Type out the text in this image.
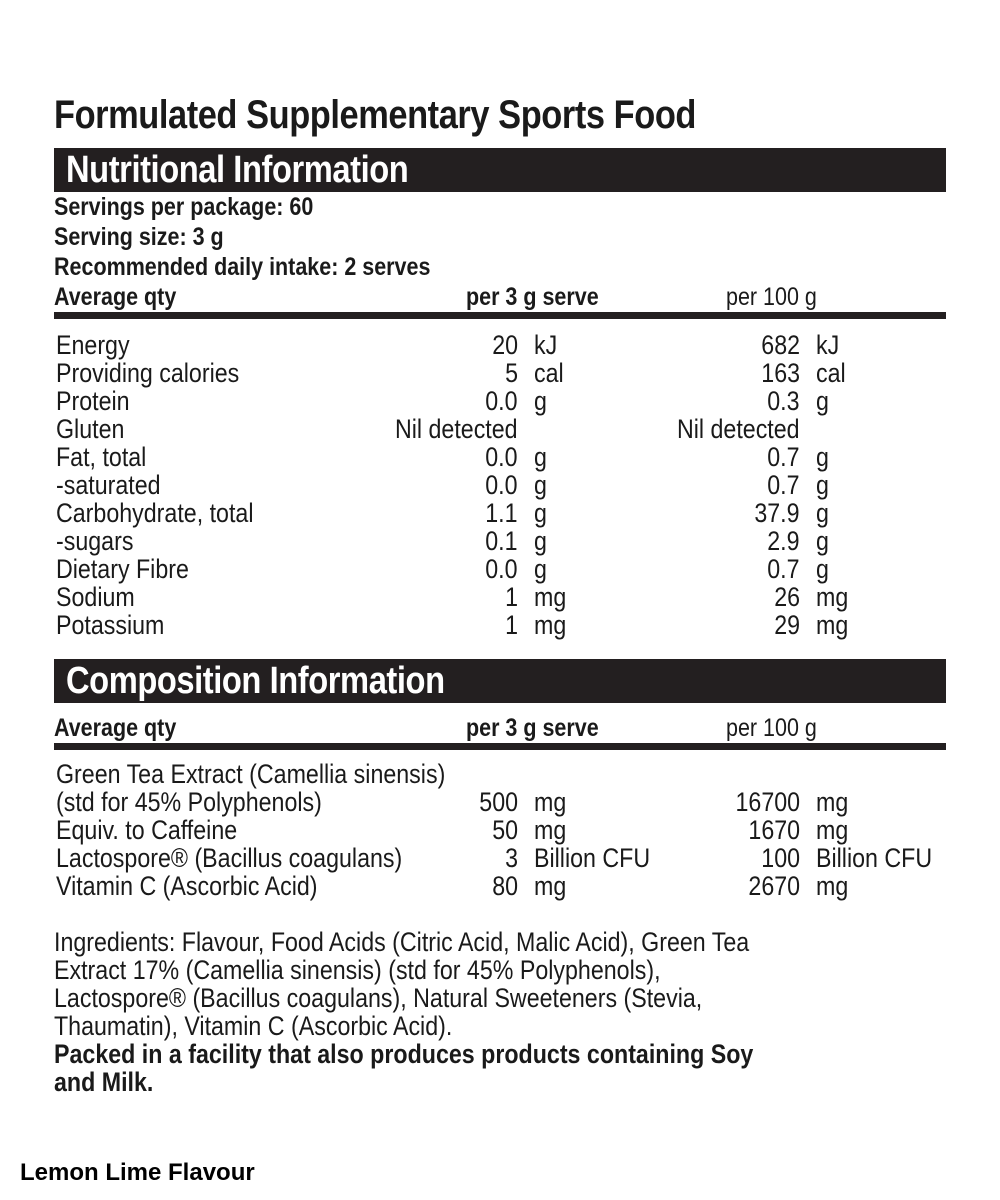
Formulated Supplementary Sports Food
Nutritional Information
Servings per package: 60
Serving size: 3 g
Recommended daily intake: 2 serves
Average qty	per 3 g serve	per 100 g
Energy	20 kJ	682 kJ
Providing calories	5 cal	163 cal
Protein	0.0 g	0.3 g
Gluten	Nil detected	Nil detected
Fat, total	0.0 g	0.7 g
-saturated	0.0 g	0.7 g
Carbohydrate, total	1.1 g	37.9 g
-sugars	0.1 g	2.9 g
Dietary Fibre	0.0 g	0.7 g
Sodium	1 mg	26 mg
Potassium	1 mg	29 mg
Composition Information
Average qty	per 3 g serve	per 100 g
Green Tea Extract (Camellia sinensis)
(std for 45% Polyphenols)	500 mg	16700 mg
Equiv. to Caffeine	50 mg	1670 mg
Lactospore® (Bacillus coagulans)	3 Billion CFU	100 Billion CFU
Vitamin C (Ascorbic Acid)	80 mg	2670 mg
Ingredients: Flavour, Food Acids (Citric Acid, Malic Acid), Green Tea
Extract 17% (Camellia sinensis) (std for 45% Polyphenols),
Lactospore® (Bacillus coagulans), Natural Sweeteners (Stevia,
Thaumatin), Vitamin C (Ascorbic Acid).
Packed in a facility that also produces products containing Soy
and Milk.
Lemon Lime Flavour
